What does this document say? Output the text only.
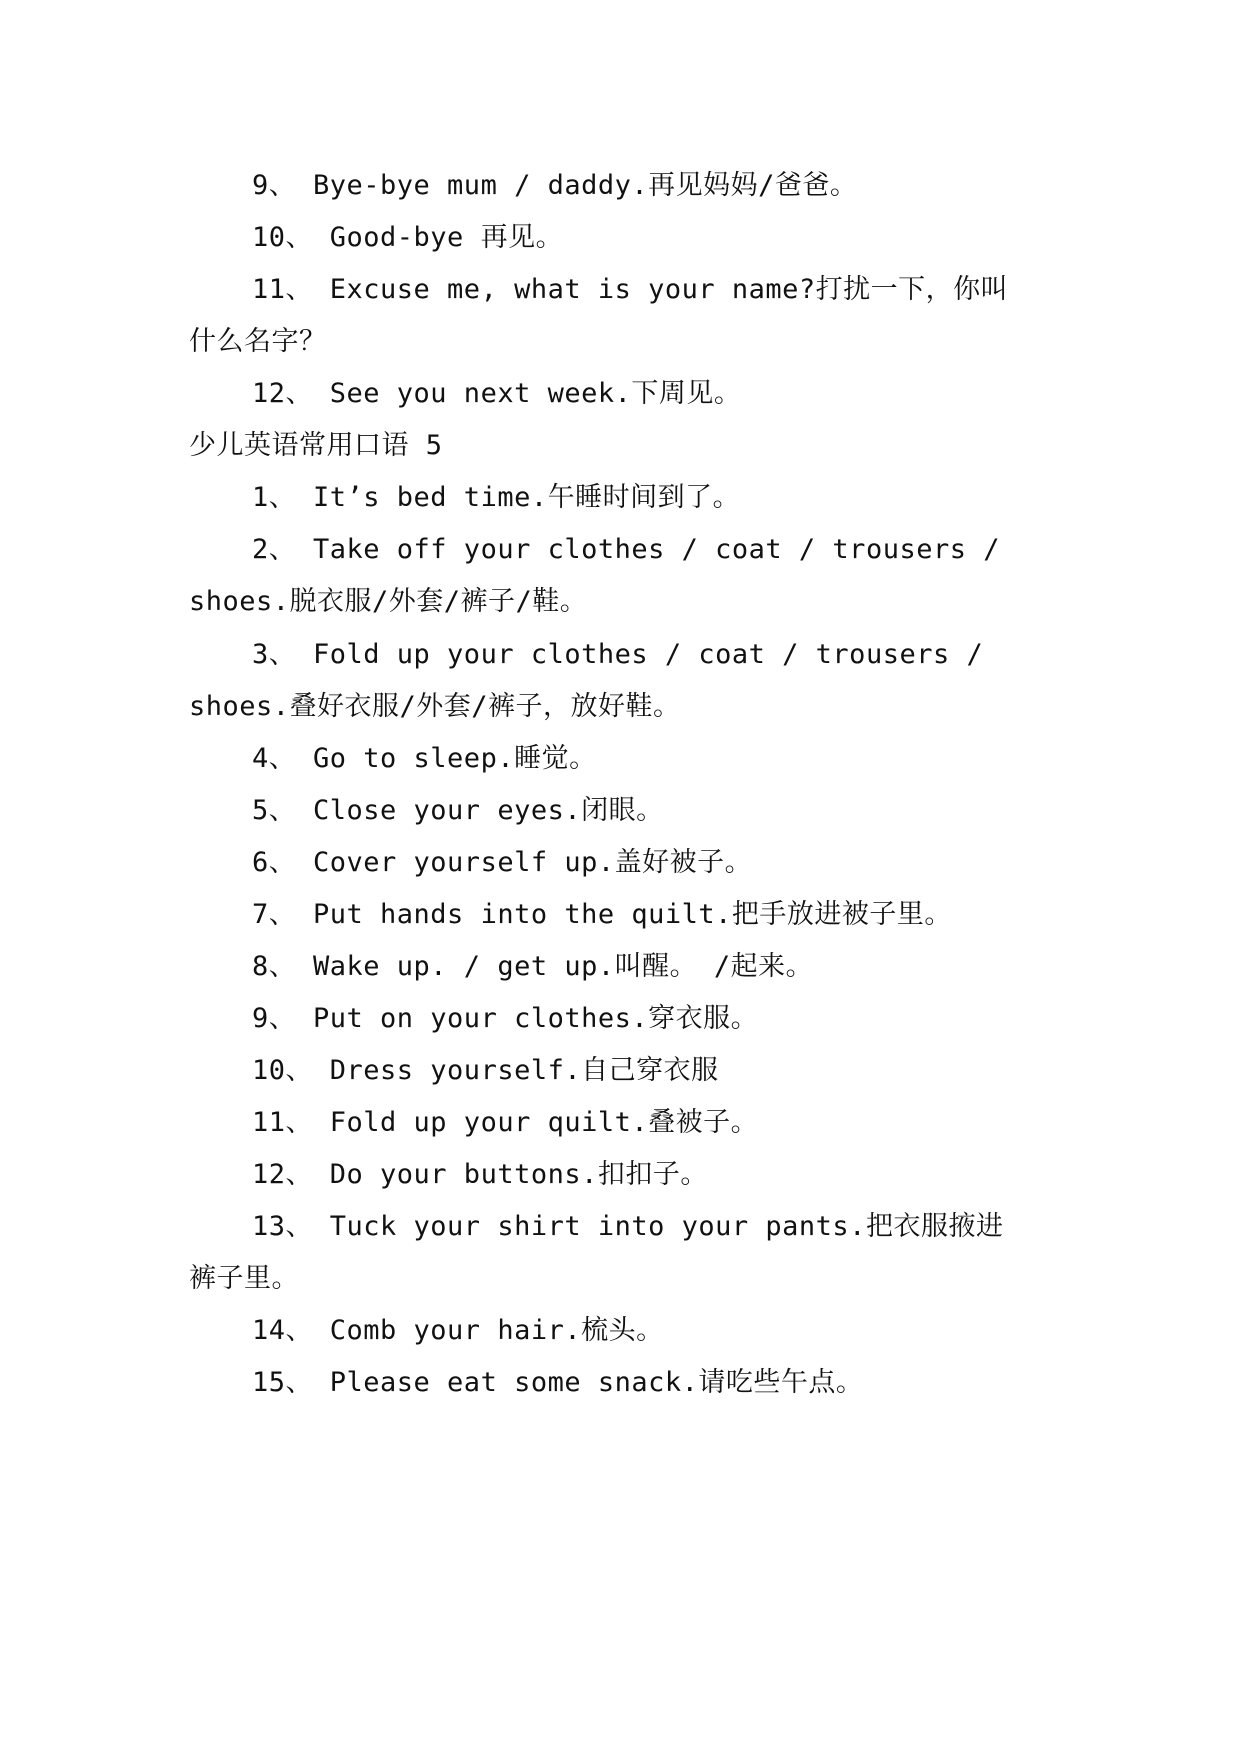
9、 Bye-bye mum / daddy.再见妈妈/爸爸。
10、 Good-bye 再见。
11、 Excuse me, what is your name?打扰一下，你叫
什么名字？
12、 See you next week.下周见。
少儿英语常用口语 5
1、 It’s bed time.午睡时间到了。
2、 Take off your clothes / coat / trousers /
shoes.脱衣服/外套/裤子/鞋。
3、 Fold up your clothes / coat / trousers /
shoes.叠好衣服/外套/裤子，放好鞋。
4、 Go to sleep.睡觉。
5、 Close your eyes.闭眼。
6、 Cover yourself up.盖好被子。
7、 Put hands into the quilt.把手放进被子里。
8、 Wake up. / get up.叫醒。 /起来。
9、 Put on your clothes.穿衣服。
10、 Dress yourself.自己穿衣服
11、 Fold up your quilt.叠被子。
12、 Do your buttons.扣扣子。
13、 Tuck your shirt into your pants.把衣服掖进
裤子里。
14、 Comb your hair.梳头。
15、 Please eat some snack.请吃些午点。
